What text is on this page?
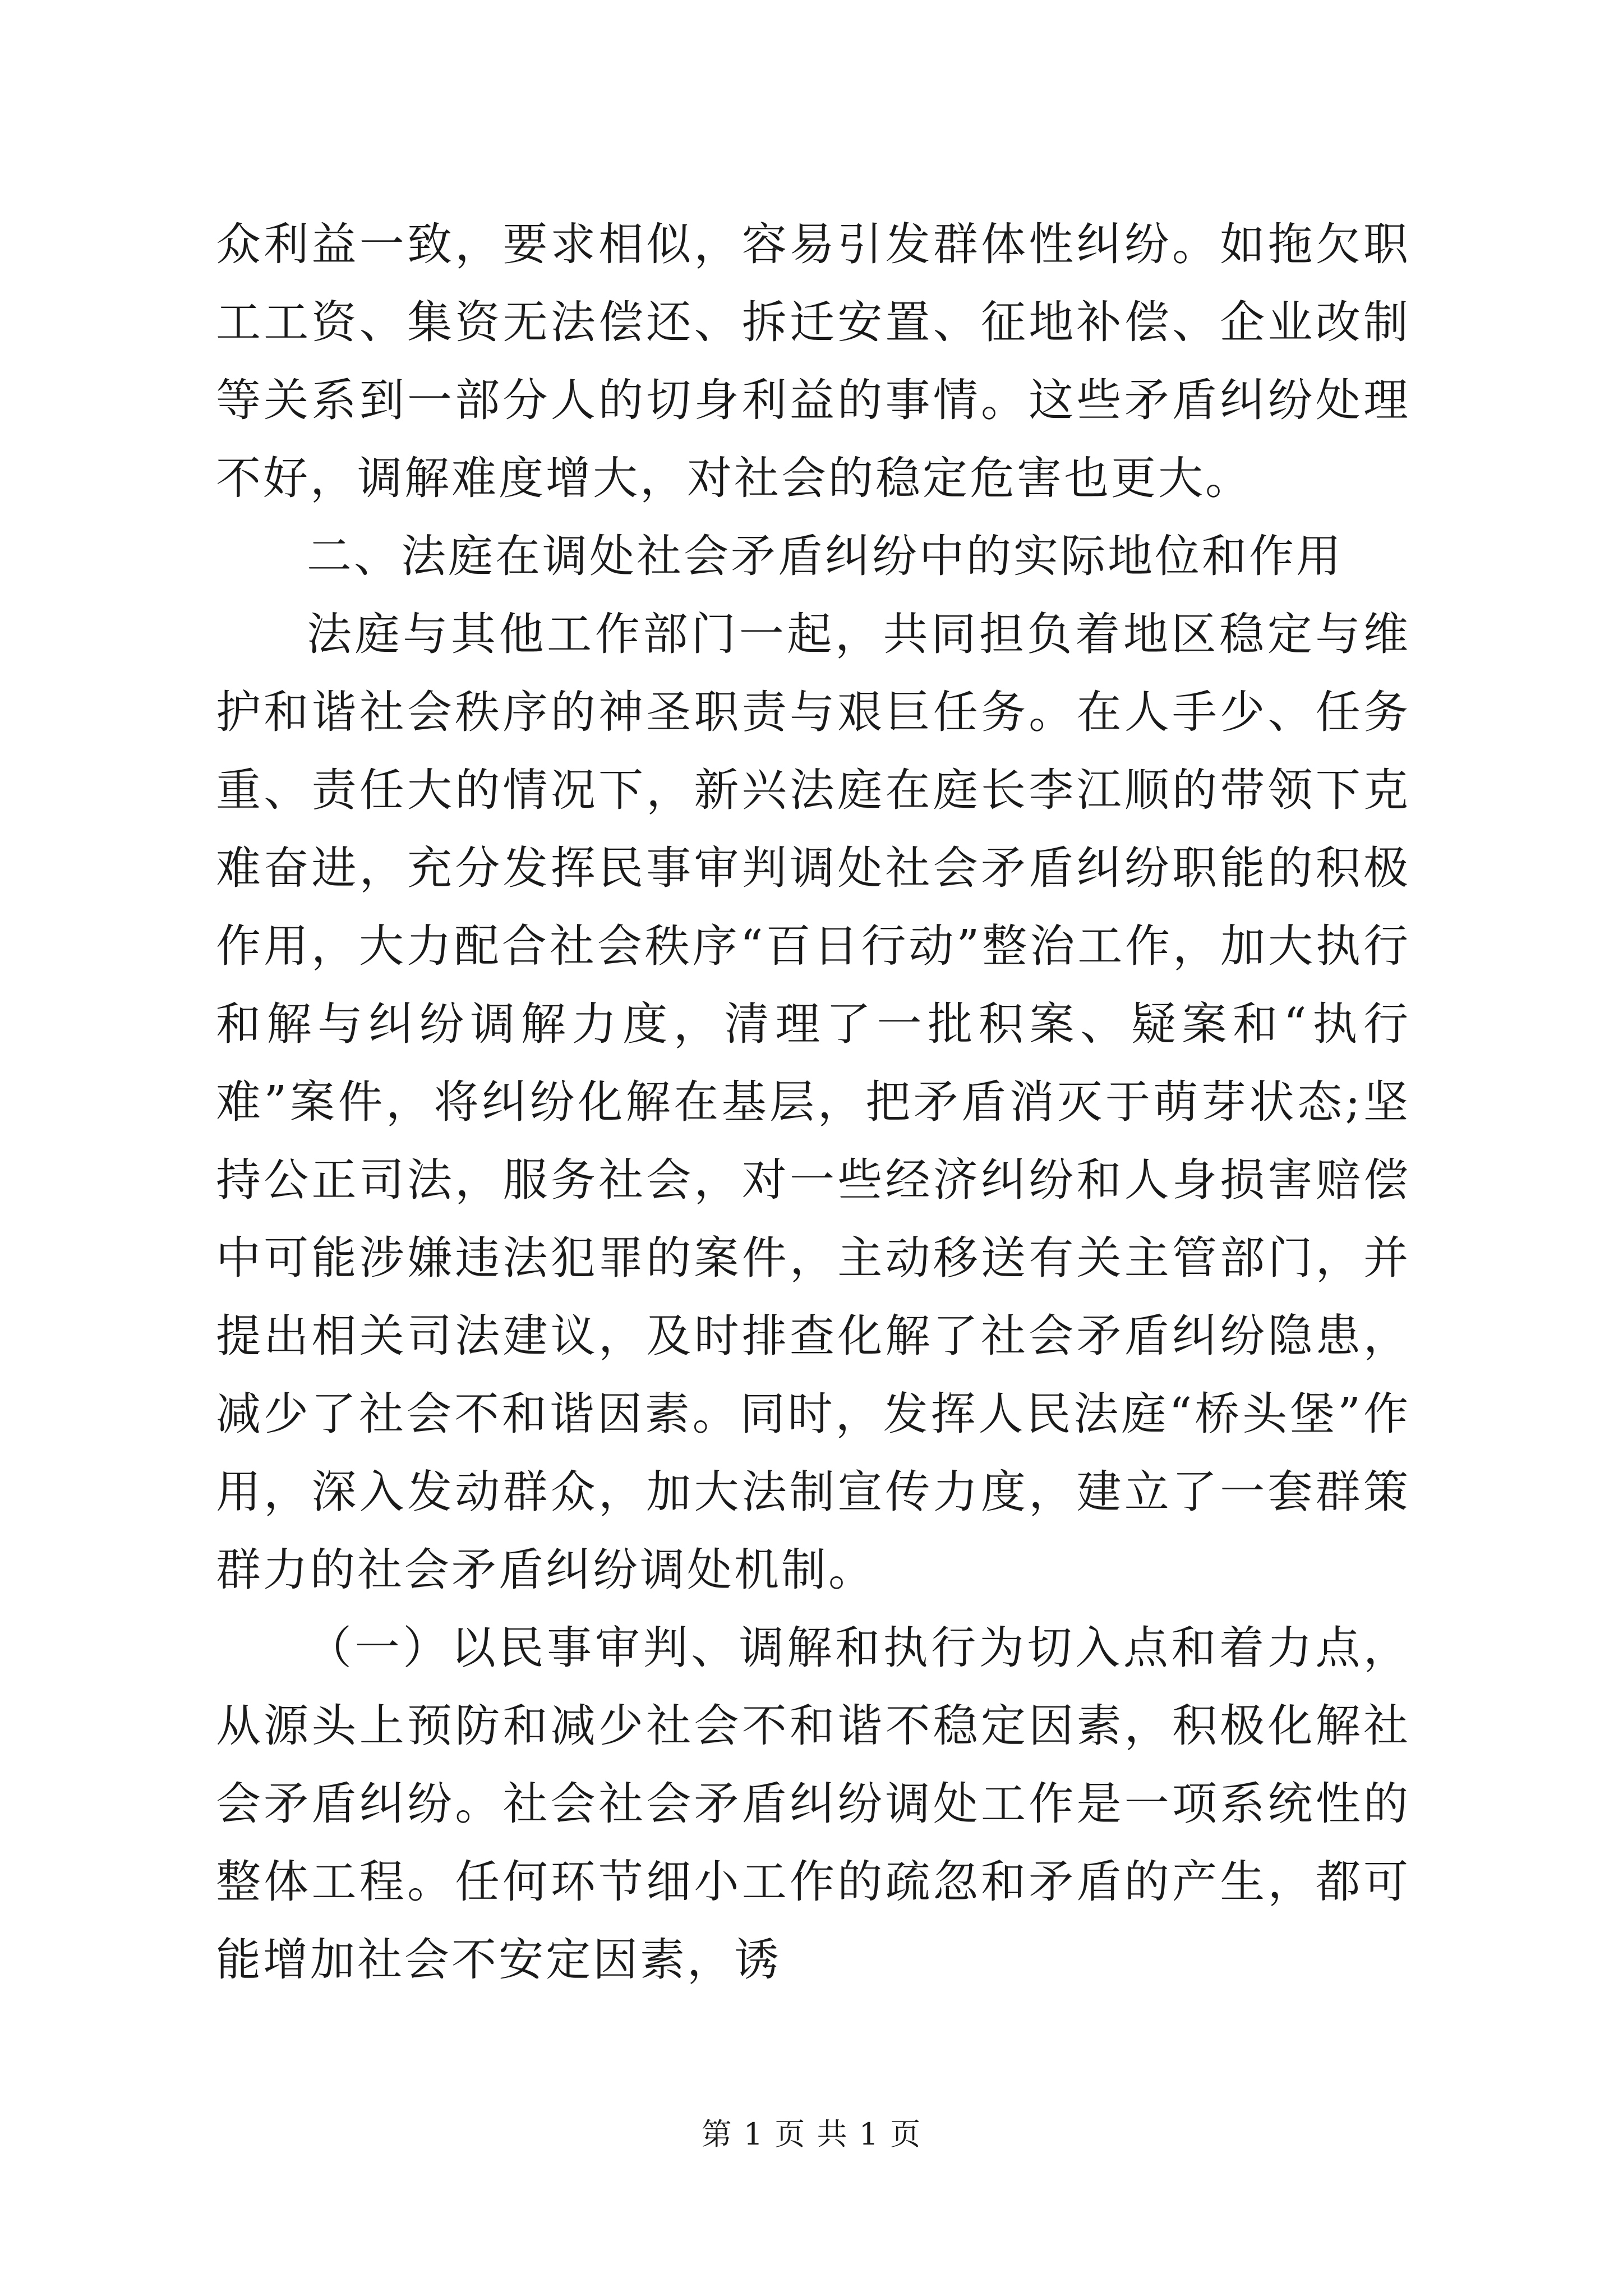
众利益一致，要求相似，容易引发群体性纠纷。如拖欠职工工资、集资无法偿还、拆迁安置、征地补偿、企业改制等关系到一部分人的切身利益的事情。这些矛盾纠纷处理不好，调解难度增大，对社会的稳定危害也更大。

二、法庭在调处社会矛盾纠纷中的实际地位和作用

法庭与其他工作部门一起，共同担负着地区稳定与维护和谐社会秩序的神圣职责与艰巨任务。在人手少、任务重、责任大的情况下，新兴法庭在庭长李江顺的带领下克难奋进，充分发挥民事审判调处社会矛盾纠纷职能的积极作用，大力配合社会秩序“百日行动”整治工作，加大执行和解与纠纷调解力度，清理了一批积案、疑案和“执行难”案件，将纠纷化解在基层，把矛盾消灭于萌芽状态;坚持公正司法，服务社会，对一些经济纠纷和人身损害赔偿中可能涉嫌违法犯罪的案件，主动移送有关主管部门，并提出相关司法建议，及时排查化解了社会矛盾纠纷隐患，减少了社会不和谐因素。同时，发挥人民法庭“桥头堡”作用，深入发动群众，加大法制宣传力度，建立了一套群策群力的社会矛盾纠纷调处机制。

（一）以民事审判、调解和执行为切入点和着力点，从源头上预防和减少社会不和谐不稳定因素，积极化解社会矛盾纠纷。社会社会矛盾纠纷调处工作是一项系统性的整体工程。任何环节细小工作的疏忽和矛盾的产生，都可能增加社会不安定因素，诱

第 1 页 共 1 页
